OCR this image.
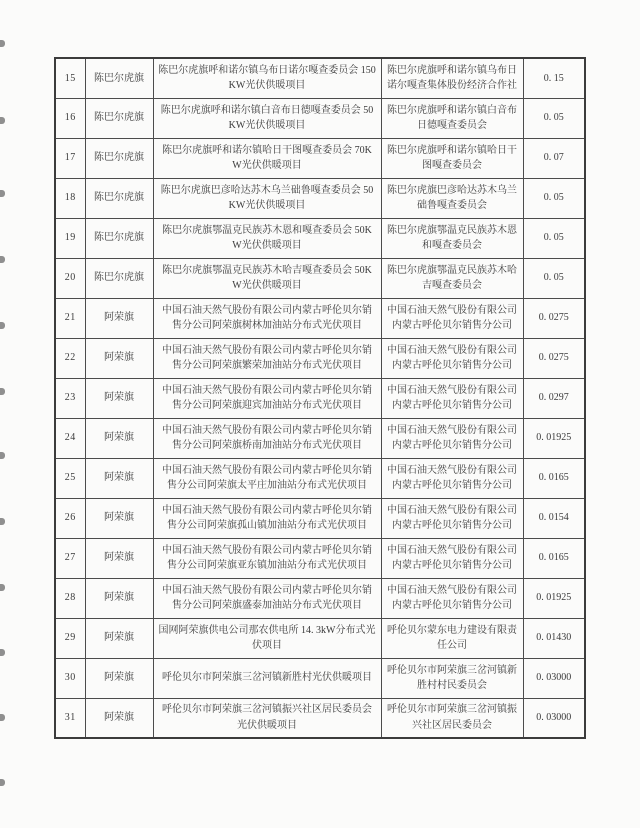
15	陈巴尔虎旗	陈巴尔虎旗呼和诺尔镇乌布日诺尔嘎查委员会 150KW光伏供暖项目	陈巴尔虎旗呼和诺尔镇乌布日诺尔嘎查集体股份经济合作社	0. 15
16	陈巴尔虎旗	陈巴尔虎旗呼和诺尔镇白音布日德嘎查委员会 50KW光伏供暖项目	陈巴尔虎旗呼和诺尔镇白音布日德嘎查委员会	0. 05
17	陈巴尔虎旗	陈巴尔虎旗呼和诺尔镇哈日干图嘎查委员会 70KW光伏供暖项目	陈巴尔虎旗呼和诺尔镇哈日干图嘎查委员会	0. 07
18	陈巴尔虎旗	陈巴尔虎旗巴彦哈达苏木乌兰础鲁嘎查委员会 50KW光伏供暖项目	陈巴尔虎旗巴彦哈达苏木乌兰础鲁嘎查委员会	0. 05
19	陈巴尔虎旗	陈巴尔虎旗鄂温克民族苏木恩和嘎查委员会 50KW光伏供暖项目	陈巴尔虎旗鄂温克民族苏木恩和嘎查委员会	0. 05
20	陈巴尔虎旗	陈巴尔虎旗鄂温克民族苏木哈吉嘎查委员会 50KW光伏供暖项目	陈巴尔虎旗鄂温克民族苏木哈吉嘎查委员会	0. 05
21	阿荣旗	中国石油天然气股份有限公司内蒙古呼伦贝尔销售分公司阿荣旗树林加油站分布式光伏项目	中国石油天然气股份有限公司内蒙古呼伦贝尔销售分公司	0. 0275
22	阿荣旗	中国石油天然气股份有限公司内蒙古呼伦贝尔销售分公司阿荣旗繁荣加油站分布式光伏项目	中国石油天然气股份有限公司内蒙古呼伦贝尔销售分公司	0. 0275
23	阿荣旗	中国石油天然气股份有限公司内蒙古呼伦贝尔销售分公司阿荣旗迎宾加油站分布式光伏项目	中国石油天然气股份有限公司内蒙古呼伦贝尔销售分公司	0. 0297
24	阿荣旗	中国石油天然气股份有限公司内蒙古呼伦贝尔销售分公司阿荣旗桥南加油站分布式光伏项目	中国石油天然气股份有限公司内蒙古呼伦贝尔销售分公司	0. 01925
25	阿荣旗	中国石油天然气股份有限公司内蒙古呼伦贝尔销售分公司阿荣旗太平庄加油站分布式光伏项目	中国石油天然气股份有限公司内蒙古呼伦贝尔销售分公司	0. 0165
26	阿荣旗	中国石油天然气股份有限公司内蒙古呼伦贝尔销售分公司阿荣旗孤山镇加油站分布式光伏项目	中国石油天然气股份有限公司内蒙古呼伦贝尔销售分公司	0. 0154
27	阿荣旗	中国石油天然气股份有限公司内蒙古呼伦贝尔销售分公司阿荣旗亚东镇加油站分布式光伏项目	中国石油天然气股份有限公司内蒙古呼伦贝尔销售分公司	0. 0165
28	阿荣旗	中国石油天然气股份有限公司内蒙古呼伦贝尔销售分公司阿荣旗盛泰加油站分布式光伏项目	中国石油天然气股份有限公司内蒙古呼伦贝尔销售分公司	0. 01925
29	阿荣旗	国网阿荣旗供电公司那农供电所 14. 3kW分布式光伏项目	呼伦贝尔蒙东电力建设有限责任公司	0. 01430
30	阿荣旗	呼伦贝尔市阿荣旗三岔河镇新胜村光伏供暖项目	呼伦贝尔市阿荣旗三岔河镇新胜村村民委员会	0. 03000
31	阿荣旗	呼伦贝尔市阿荣旗三岔河镇振兴社区居民委员会光伏供暖项目	呼伦贝尔市阿荣旗三岔河镇振兴社区居民委员会	0. 03000
